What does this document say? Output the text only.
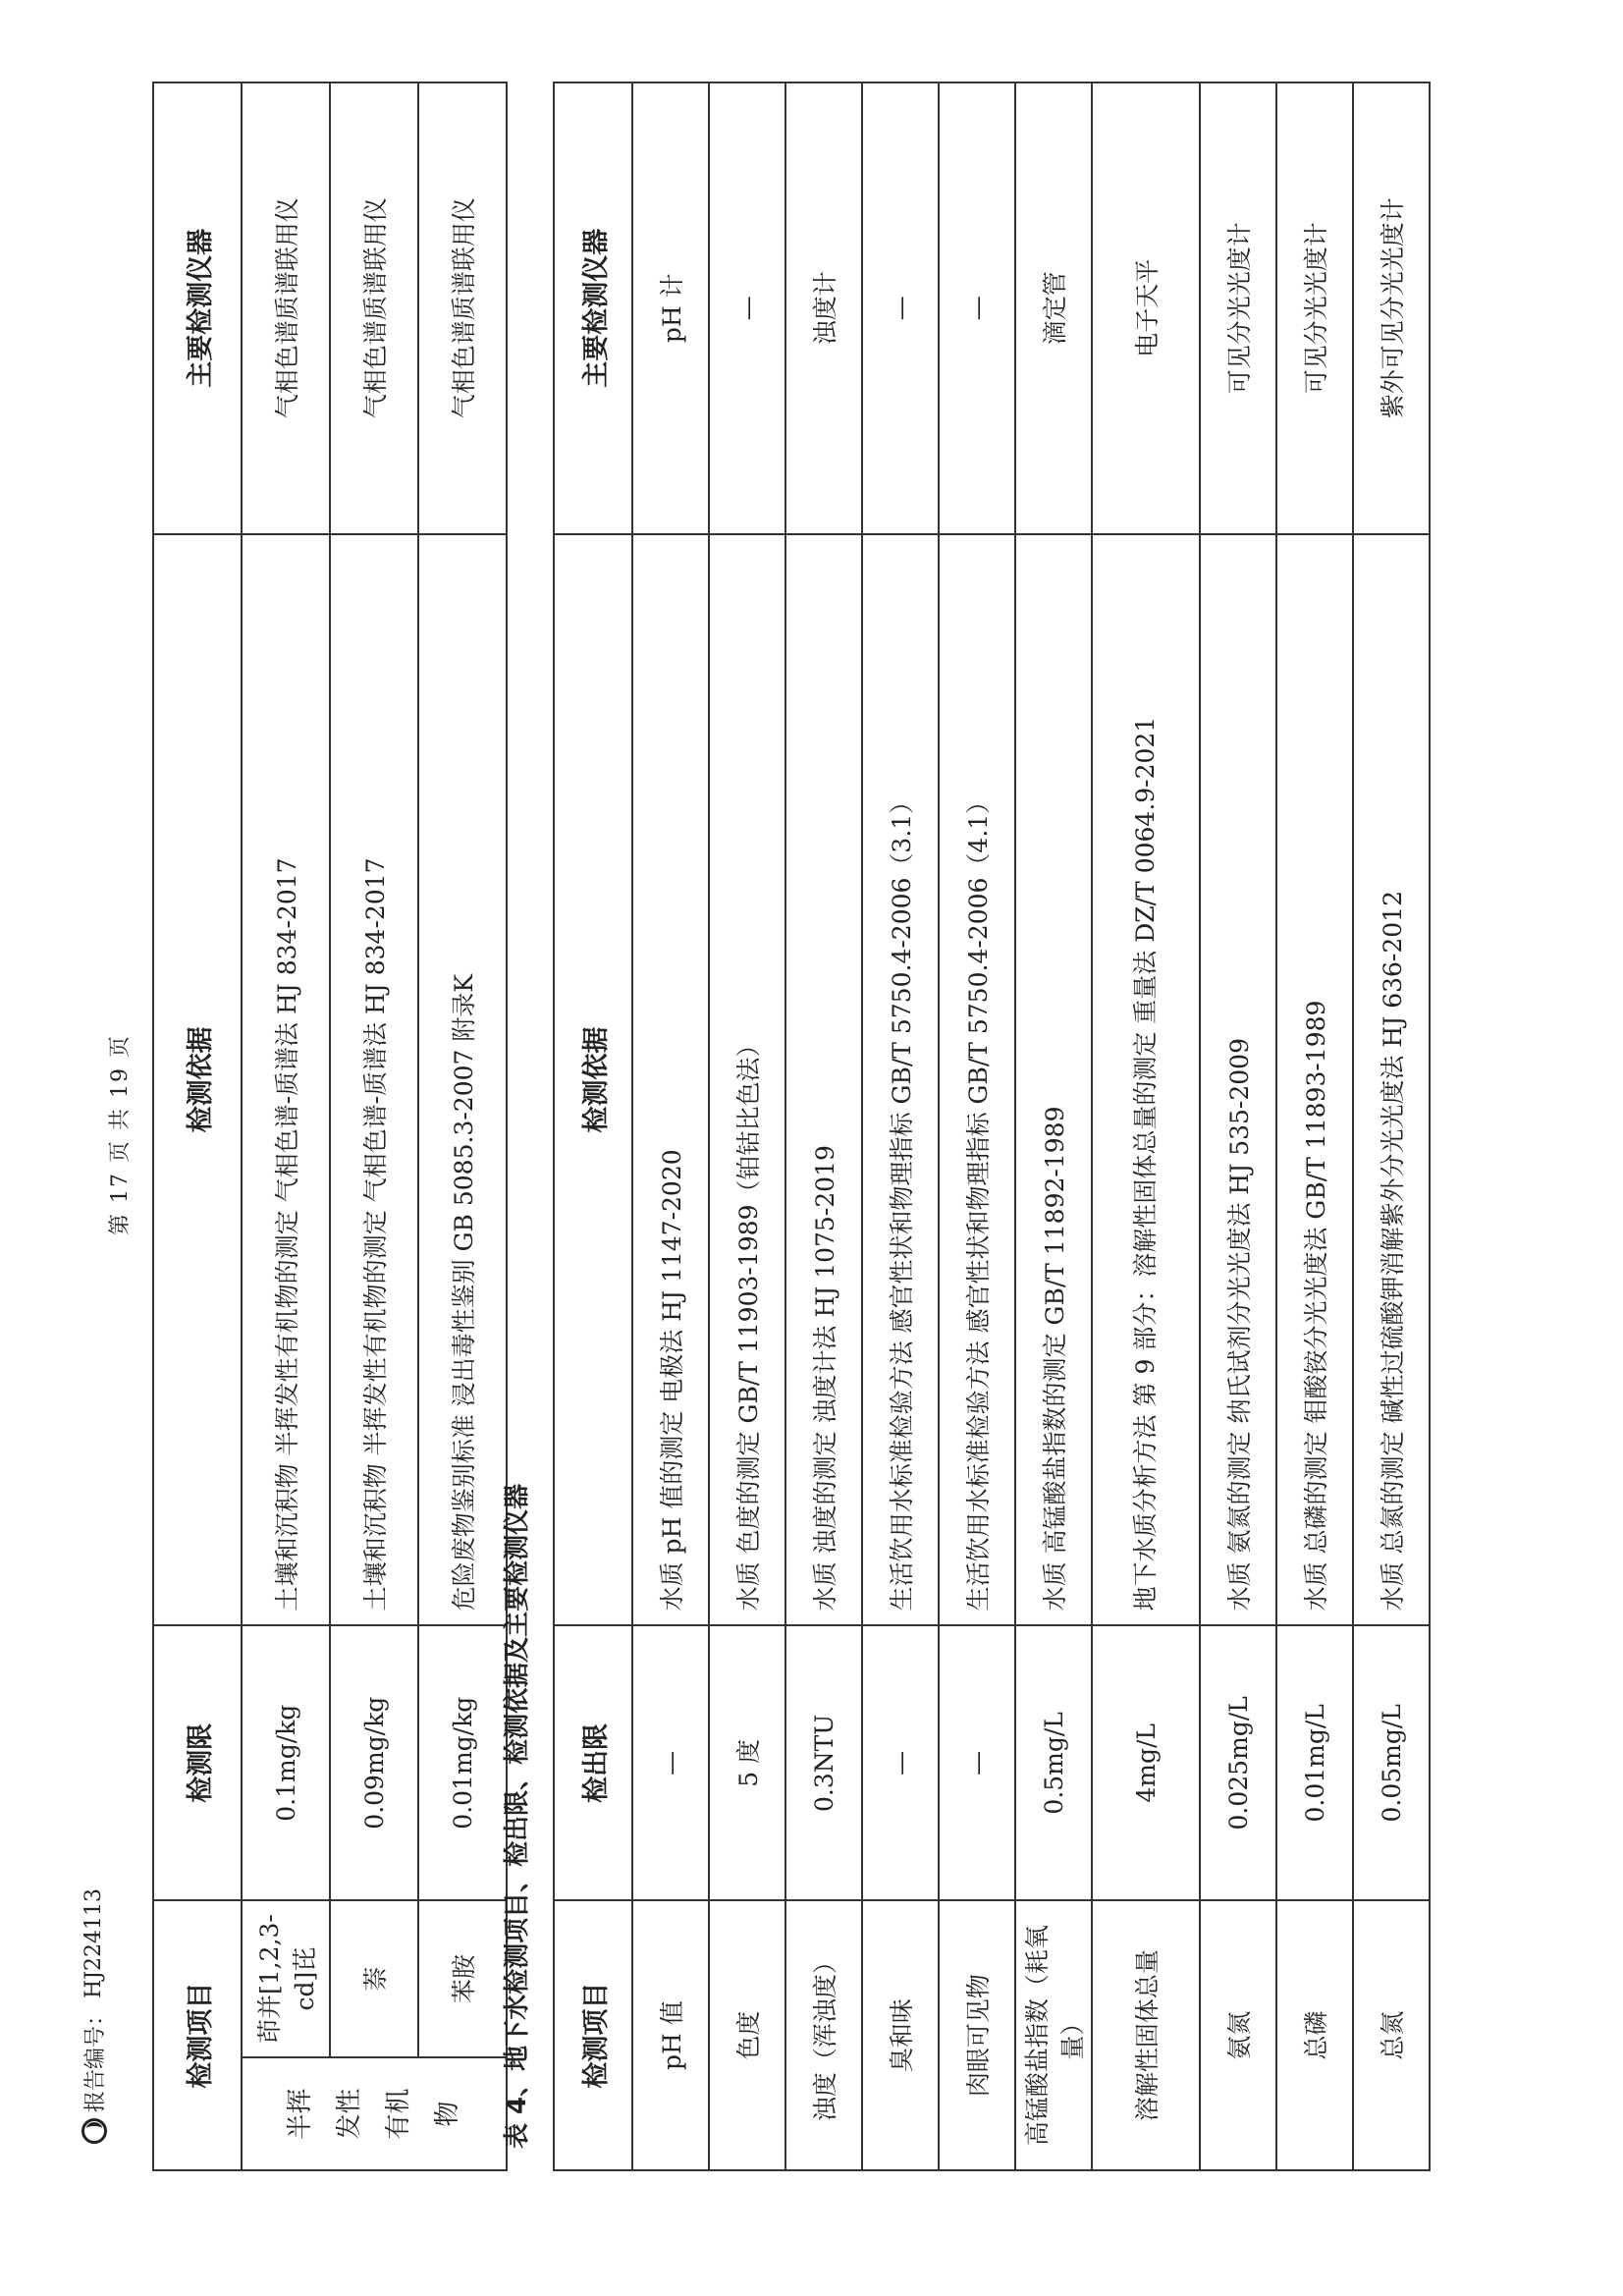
报告编号：
HJ224113
第 17 页 共 19 页
检测项目		检测限	检测依据	主要检测仪器
半挥发性有机物	茚并[1,2,3-cd]芘	0.1mg/kg	土壤和沉积物 半挥发性有机物的测定 气相色谱-质谱法 HJ 834-2017	气相色谱质谱联用仪
	萘	0.09mg/kg	土壤和沉积物 半挥发性有机物的测定 气相色谱-质谱法 HJ 834-2017	气相色谱质谱联用仪
	苯胺	0.01mg/kg	危险废物鉴别标准 浸出毒性鉴别 GB 5085.3-2007 附录K	气相色谱质谱联用仪
表 4、地下水检测项目、检出限、检测依据及主要检测仪器 检测项目	检出限	检测依据	主要检测仪器
pH 值	—	水质 pH 值的测定 电极法 HJ 1147-2020	pH 计
色度	5 度	水质 色度的测定 GB/T 11903-1989（铂钴比色法）	—
浊度（浑浊度）	0.3NTU	水质 浊度的测定 浊度计法 HJ 1075-2019	浊度计
臭和味	—	生活饮用水标准检验方法 感官性状和物理指标 GB/T 5750.4-2006（3.1）	—
肉眼可见物	—	生活饮用水标准检验方法 感官性状和物理指标 GB/T 5750.4-2006（4.1）	—
高锰酸盐指数（耗氧量）	0.5mg/L	水质 高锰酸盐指数的测定 GB/T 11892-1989	滴定管
溶解性固体总量	4mg/L	地下水质分析方法 第 9 部分：溶解性固体总量的测定 重量法 DZ/T 0064.9-2021	电子天平
氨氮	0.025mg/L	水质 氨氮的测定 纳氏试剂分光光度法 HJ 535-2009	可见分光光度计
总磷	0.01mg/L	水质 总磷的测定 钼酸铵分光光度法 GB/T 11893-1989	可见分光光度计
总氮	0.05mg/L	水质 总氮的测定 碱性过硫酸钾消解紫外分光光度法 HJ 636-2012	紫外可见分光光度计
